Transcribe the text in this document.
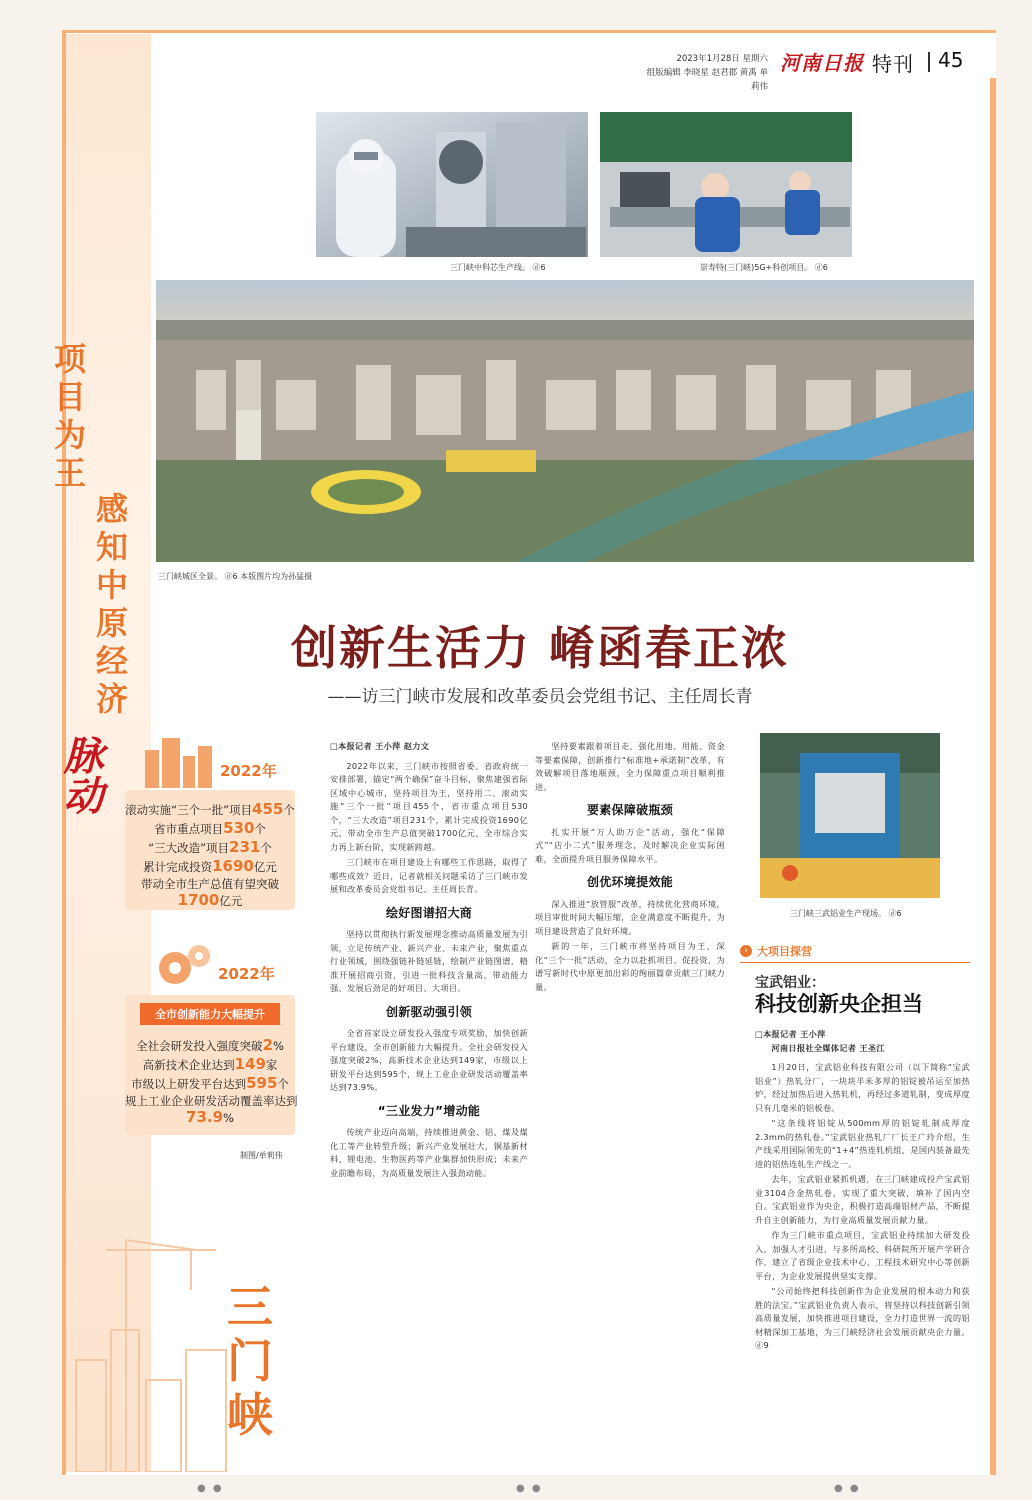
2023年1月28日 星期六
组版编辑 李晓星 赵君郡 黄禹 单莉伟
河南日报 特刊 45
三门峡中科芯生产线。 ⓓ6	崇寿特(三门峡)5G+科创项目。 ⓓ6
三门峡城区全景。 ⓓ6 本版图片均为孙猛摄
项目为王
感知中原经济
脉动
创新生活力 崤函春正浓
——访三门峡市发展和改革委员会党组书记、主任周长青
2022年
滚动实施“三个一批”项目455个
省市重点项目530个
“三大改造”项目231个
累计完成投资1690亿元
带动全市生产总值有望突破
1700亿元
2022年
全市创新能力大幅提升
全社会研发投入强度突破2%
高新技术企业达到149家
市级以上研发平台达到595个
规上工业企业研发活动覆盖率达到
73.9%
制图/单莉伟
三门峡

□本报记者 王小萍 赵力文

2022年以来，三门峡市按照省委、省政府统一安排部署，锚定“两个确保”奋斗目标，聚焦建强省际区域中心城市，坚持项目为王，坚持用二、滚动实施“三个一批”项目455个，省市重点项目530个，“三大改造”项目231个，累计完成投资1690亿元，带动全市生产总值突破1700亿元，全市综合实力再上新台阶，实现新跨越。

三门峡市在项目建设上有哪些工作思路，取得了哪些成效？近日，记者就相关问题采访了三门峡市发展和改革委员会党组书记、主任周长青。

绘好图谱招大商

坚持以贯彻执行新发展理念推动高质量发展为引领，立足传统产业、新兴产业、未来产业，聚焦重点行业领域，围绕强链补链延链，绘制产业链图谱，精准开展招商引资，引进一批科技含量高、带动能力强、发展后劲足的好项目、大项目。

创新驱动强引领

全省首家设立研发投入强度专项奖励，加快创新平台建设，全市创新能力大幅提升。全社会研发投入强度突破2%，高新技术企业达到149家，市级以上研发平台达到595个，规上工业企业研发活动覆盖率达到73.9%。

“三业发力”增动能

传统产业迈向高端，持续推进黄金、铝、煤及煤化工等产业转型升级；新兴产业发展壮大，铜基新材料、锂电池、生物医药等产业集群加快形成；未来产业前瞻布局，为高质量发展注入强劲动能。

坚持要素跟着项目走，强化用地、用能、资金等要素保障，创新推行“标准地+承诺制”改革，有效破解项目落地瓶颈，全力保障重点项目顺利推进。

要素保障破瓶颈

扎实开展“万人助万企”活动，强化“保障式”“店小二式”服务理念，及时解决企业实际困难，全面提升项目服务保障水平。

创优环境提效能

深入推进“放管服”改革，持续优化营商环境，项目审批时间大幅压缩，企业满意度不断提升，为项目建设营造了良好环境。

新的一年，三门峡市将坚持项目为王，深化“三个一批”活动，全力以赴抓项目、促投资，为谱写新时代中原更加出彩的绚丽篇章贡献三门峡力量。

三门峡三武铝业生产现场。 ⓓ6
› 大项目探营
宝武铝业：
科技创新央企担当

□本报记者 王小萍

河南日报社全媒体记者 王圣江

1月20日，宝武铝业科技有限公司（以下简称“宝武铝业”）热轧分厂，一块块半米多厚的铝锭被吊运至加热炉，经过加热后进入热轧机，再经过多道轧制，变成厚度只有几毫米的铝板卷。

“这条线将铝锭从500mm厚的铝锭轧制成厚度2.3mm的热轧卷。”宝武铝业热轧厂厂长王广玲介绍，生产线采用国际领先的“1+4”热连轧机组，是国内装备最先进的铝热连轧生产线之一。

去年，宝武铝业紧抓机遇，在三门峡建成投产宝武铝业3104合金热轧卷，实现了重大突破，填补了国内空白。宝武铝业作为央企，积极打造高端铝材产品，不断提升自主创新能力，为行业高质量发展贡献力量。

作为三门峡市重点项目，宝武铝业持续加大研发投入，加强人才引进，与多所高校、科研院所开展产学研合作，建立了省级企业技术中心、工程技术研究中心等创新平台，为企业发展提供坚实支撑。

“公司始终把科技创新作为企业发展的根本动力和获胜的法宝。”宝武铝业负责人表示，将坚持以科技创新引领高质量发展，加快推进项目建设，全力打造世界一流的铝材精深加工基地，为三门峡经济社会发展贡献央企力量。 ⓓ9

● ●	● ●	● ●
